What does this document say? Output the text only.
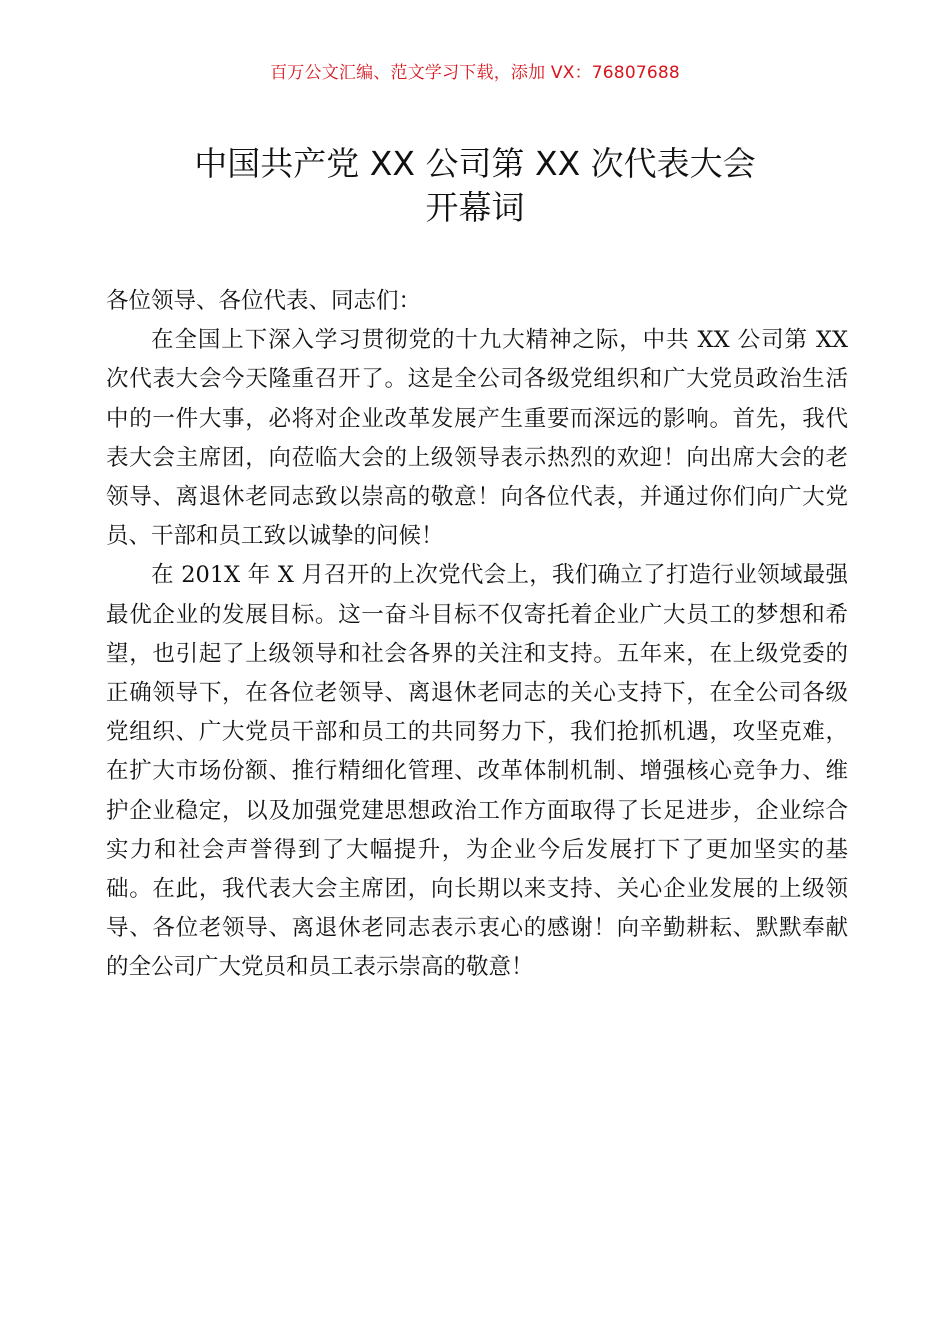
百万公文汇编、范文学习下载，添加 VX：76807688
中国共产党 XX 公司第 XX 次代表大会
开幕词

各位领导、各位代表、同志们：

在全国上下深入学习贯彻党的十九大精神之际，中共 XX 公司第 XX 次代表大会今天隆重召开了。这是全公司各级党组织和广大党员政治生活中的一件大事，必将对企业改革发展产生重要而深远的影响。首先，我代表大会主席团，向莅临大会的上级领导表示热烈的欢迎！向出席大会的老领导、离退休老同志致以崇高的敬意！向各位代表，并通过你们向广大党员、干部和员工致以诚挚的问候！

在 201X 年 X 月召开的上次党代会上，我们确立了打造行业领域最强最优企业的发展目标。这一奋斗目标不仅寄托着企业广大员工的梦想和希望，也引起了上级领导和社会各界的关注和支持。五年来，在上级党委的正确领导下，在各位老领导、离退休老同志的关心支持下，在全公司各级党组织、广大党员干部和员工的共同努力下，我们抢抓机遇，攻坚克难，在扩大市场份额、推行精细化管理、改革体制机制、增强核心竞争力、维护企业稳定，以及加强党建思想政治工作方面取得了长足进步，企业综合实力和社会声誉得到了大幅提升，为企业今后发展打下了更加坚实的基础。在此，我代表大会主席团，向长期以来支持、关心企业发展的上级领导、各位老领导、离退休老同志表示衷心的感谢！向辛勤耕耘、默默奉献的全公司广大党员和员工表示崇高的敬意！
